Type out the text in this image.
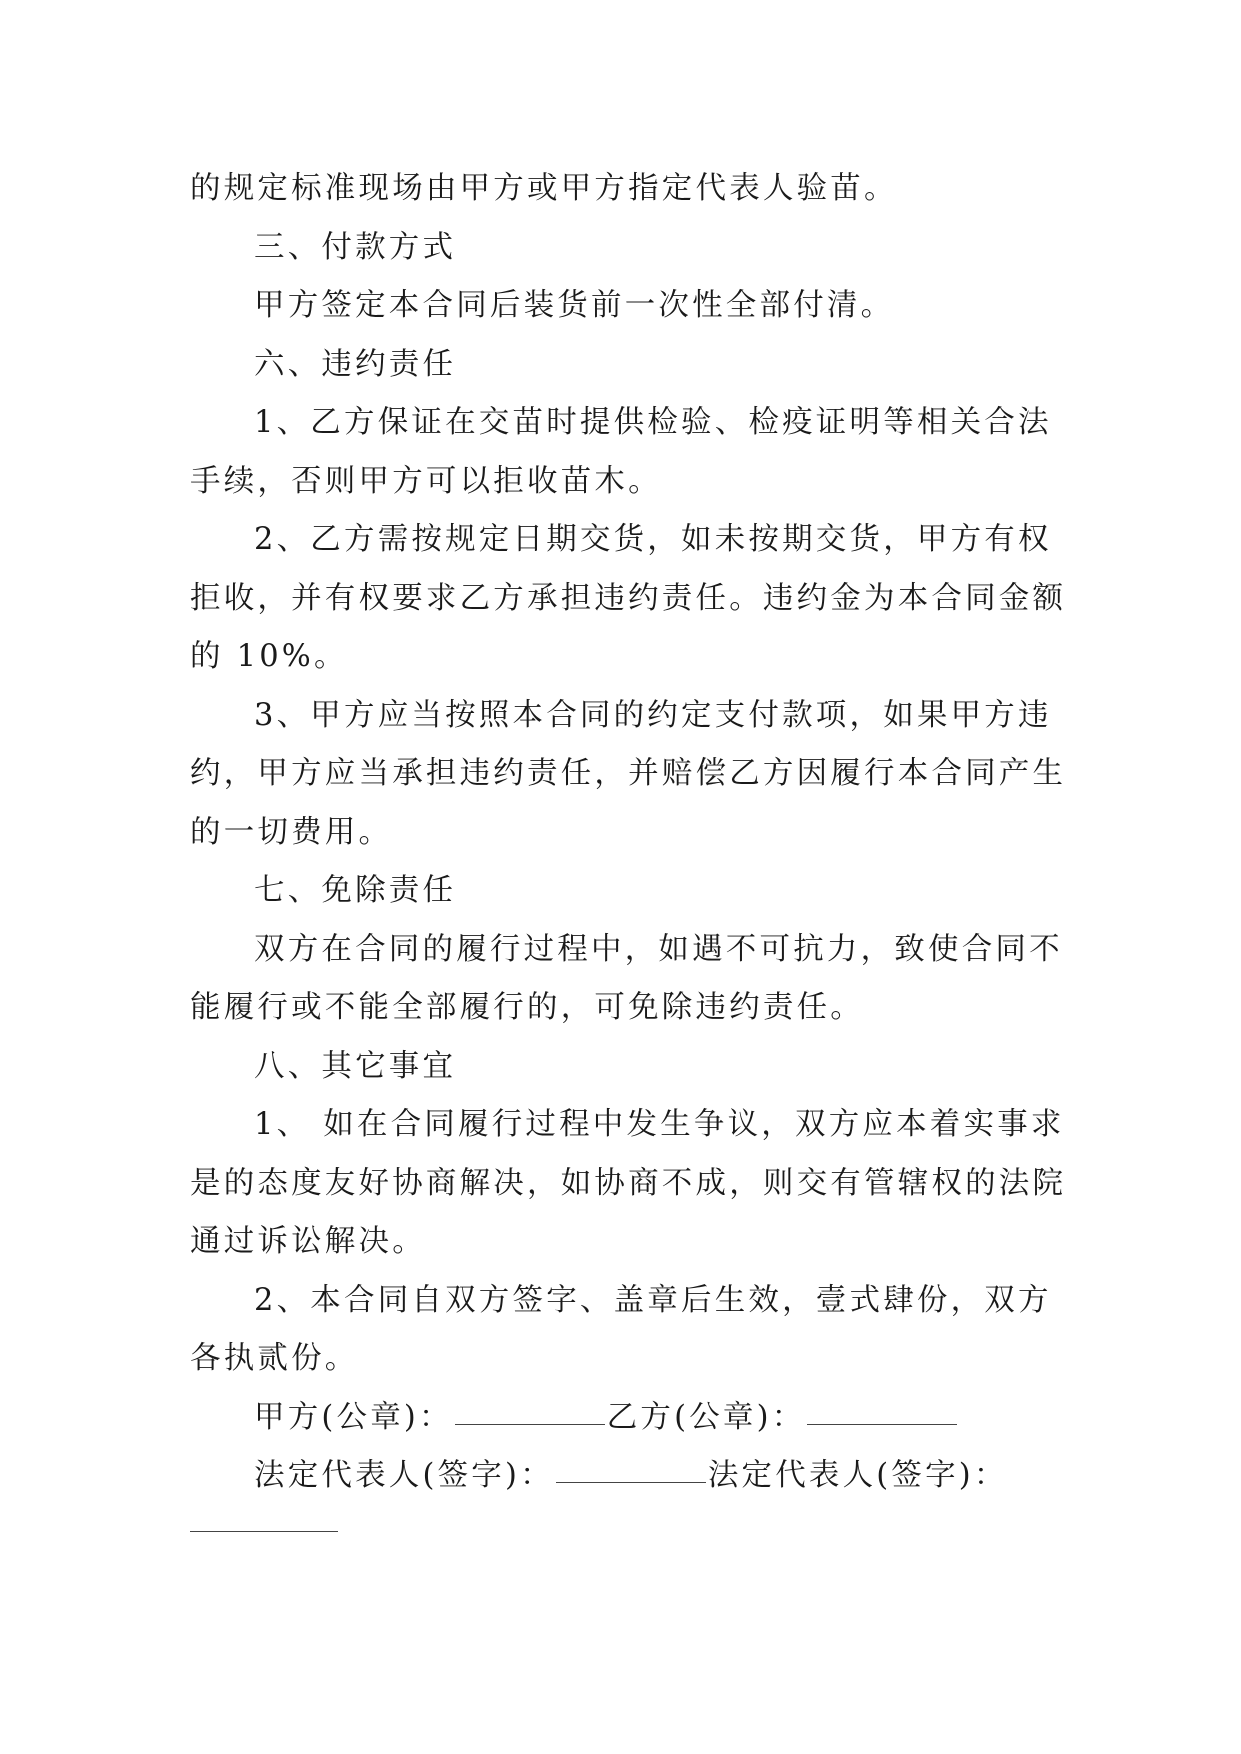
的规定标准现场由甲方或甲方指定代表人验苗。
三、付款方式
甲方签定本合同后装货前一次性全部付清。
六、违约责任
1、乙方保证在交苗时提供检验、检疫证明等相关合法
手续，否则甲方可以拒收苗木。
2、乙方需按规定日期交货，如未按期交货，甲方有权
拒收，并有权要求乙方承担违约责任。违约金为本合同金额
的 10%。
3、甲方应当按照本合同的约定支付款项，如果甲方违
约，甲方应当承担违约责任，并赔偿乙方因履行本合同产生
的一切费用。
七、免除责任
双方在合同的履行过程中，如遇不可抗力，致使合同不
能履行或不能全部履行的，可免除违约责任。
八、其它事宜
1、 如在合同履行过程中发生争议，双方应本着实事求
是的态度友好协商解决，如协商不成，则交有管辖权的法院
通过诉讼解决。
2、本合同自双方签字、盖章后生效，壹式肆份，双方
各执贰份。
甲方(公章)：	乙方(公章)：
法定代表人(签字)：	法定代表人(签字)：
